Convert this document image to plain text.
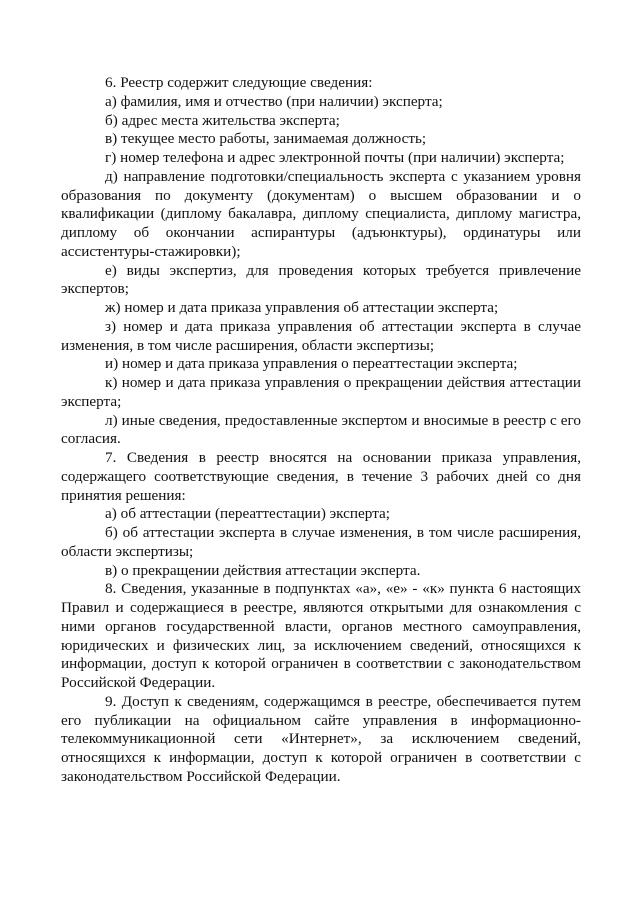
6. Реестр содержит следующие сведения:

а) фамилия, имя и отчество (при наличии) эксперта;

б) адрес места жительства эксперта;

в) текущее место работы, занимаемая должность;

г) номер телефона и адрес электронной почты (при наличии) эксперта;

д) направление подготовки/специальность эксперта с указанием уровня образования по документу (документам) о высшем образовании и о квалификации (диплому бакалавра, диплому специалиста, диплому магистра, диплому об окончании аспирантуры (адъюнктуры), ординатуры или ассистентуры-стажировки);

е) виды экспертиз, для проведения которых требуется привлечение экспертов;

ж) номер и дата приказа управления об аттестации эксперта;

з) номер и дата приказа управления об аттестации эксперта в случае изменения, в том числе расширения, области экспертизы;

и) номер и дата приказа управления о переаттестации эксперта;

к) номер и дата приказа управления о прекращении действия аттестации эксперта;

л) иные сведения, предоставленные экспертом и вносимые в реестр с его согласия.

7. Сведения в реестр вносятся на основании приказа управления, содержащего соответствующие сведения, в течение 3 рабочих дней со дня принятия решения:

а) об аттестации (переаттестации) эксперта;

б) об аттестации эксперта в случае изменения, в том числе расширения, области экспертизы;

в) о прекращении действия аттестации эксперта.

8. Сведения, указанные в подпунктах «а», «е» - «к» пункта 6 настоящих Правил и содержащиеся в реестре, являются открытыми для ознакомления с ними органов государственной власти, органов местного самоуправления, юридических и физических лиц, за исключением сведений, относящихся к информации, доступ к которой ограничен в соответствии с законодательством Российской Федерации.

9. Доступ к сведениям, содержащимся в реестре, обеспечивается путем его публикации на официальном сайте управления в информационно-телекоммуникационной сети «Интернет», за исключением сведений, относящихся к информации, доступ к которой ограничен в соответствии с законодательством Российской Федерации.
